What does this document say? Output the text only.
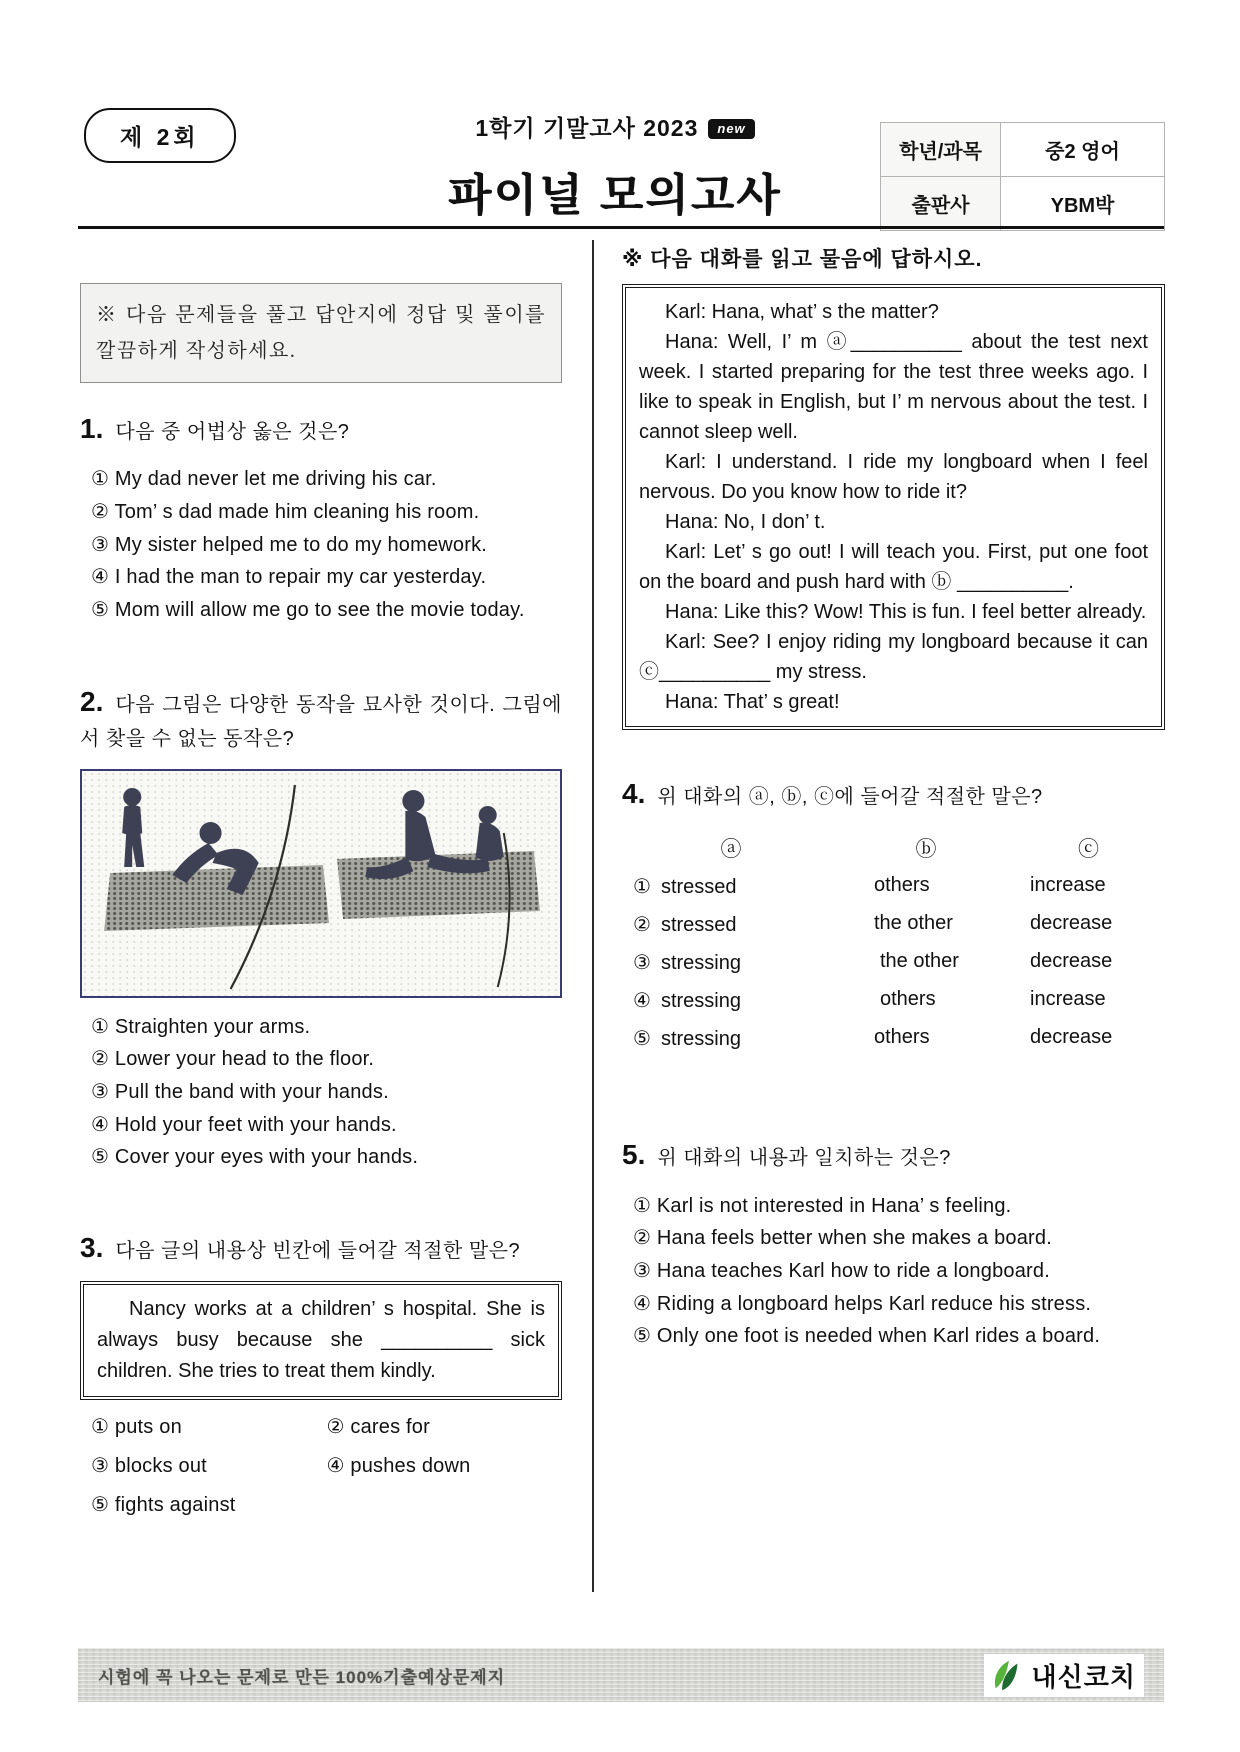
제 2회	1학기 기말고사 2023 new
파이널 모의고사
학년/과목	중2 영어
출판사	YBM박
※ 다음 문제들을 풀고 답안지에 정답 및 풀이를 깔끔하게 작성하세요.
1. 다음 중 어법상 옳은 것은?
① My dad never let me driving his car.
② Tom’ s dad made him cleaning his room.
③ My sister helped me to do my homework.
④ I had the man to repair my car yesterday.
⑤ Mom will allow me go to see the movie today.
2. 다음 그림은 다양한 동작을 묘사한 것이다. 그림에서 찾을 수 없는 동작은?
① Straighten your arms.
② Lower your head to the floor.
③ Pull the band with your hands.
④ Hold your feet with your hands.
⑤ Cover your eyes with your hands.
3. 다음 글의 내용상 빈칸에 들어갈 적절한 말은?

Nancy works at a children’ s hospital. She is always busy because she __________ sick children. She tries to treat them kindly.

① puts on	② cares for
③ blocks out	④ pushes down
⑤ fights against
※ 다음 대화를 읽고 물음에 답하시오.

Karl: Hana, what’ s the matter?

Hana: Well, I’ m ⓐ__________ about the test next week. I started preparing for the test three weeks ago. I like to speak in English, but I’ m nervous about the test. I cannot sleep well.

Karl: I understand. I ride my longboard when I feel nervous. Do you know how to ride it?

Hana: No, I don’ t.

Karl: Let’ s go out! I will teach you. First, put one foot on the board and push hard with ⓑ __________.

Hana: Like this? Wow! This is fun. I feel better already.

Karl: See? I enjoy riding my longboard because it can ⓒ__________ my stress.

Hana: That’ s great!

4. 위 대화의 ⓐ, ⓑ, ⓒ에 들어갈 적절한 말은?
ⓐ	ⓑ	ⓒ
① stressed	others	increase
② stressed	the other	decrease
③ stressing	the other	decrease
④ stressing	others	increase
⑤ stressing	others	decrease
5. 위 대화의 내용과 일치하는 것은?
① Karl is not interested in Hana’ s feeling.
② Hana feels better when she makes a board.
③ Hana teaches Karl how to ride a longboard.
④ Riding a longboard helps Karl reduce his stress.
⑤ Only one foot is needed when Karl rides a board.
시험에 꼭 나오는 문제로 만든 100%기출예상문제지	내신코치
